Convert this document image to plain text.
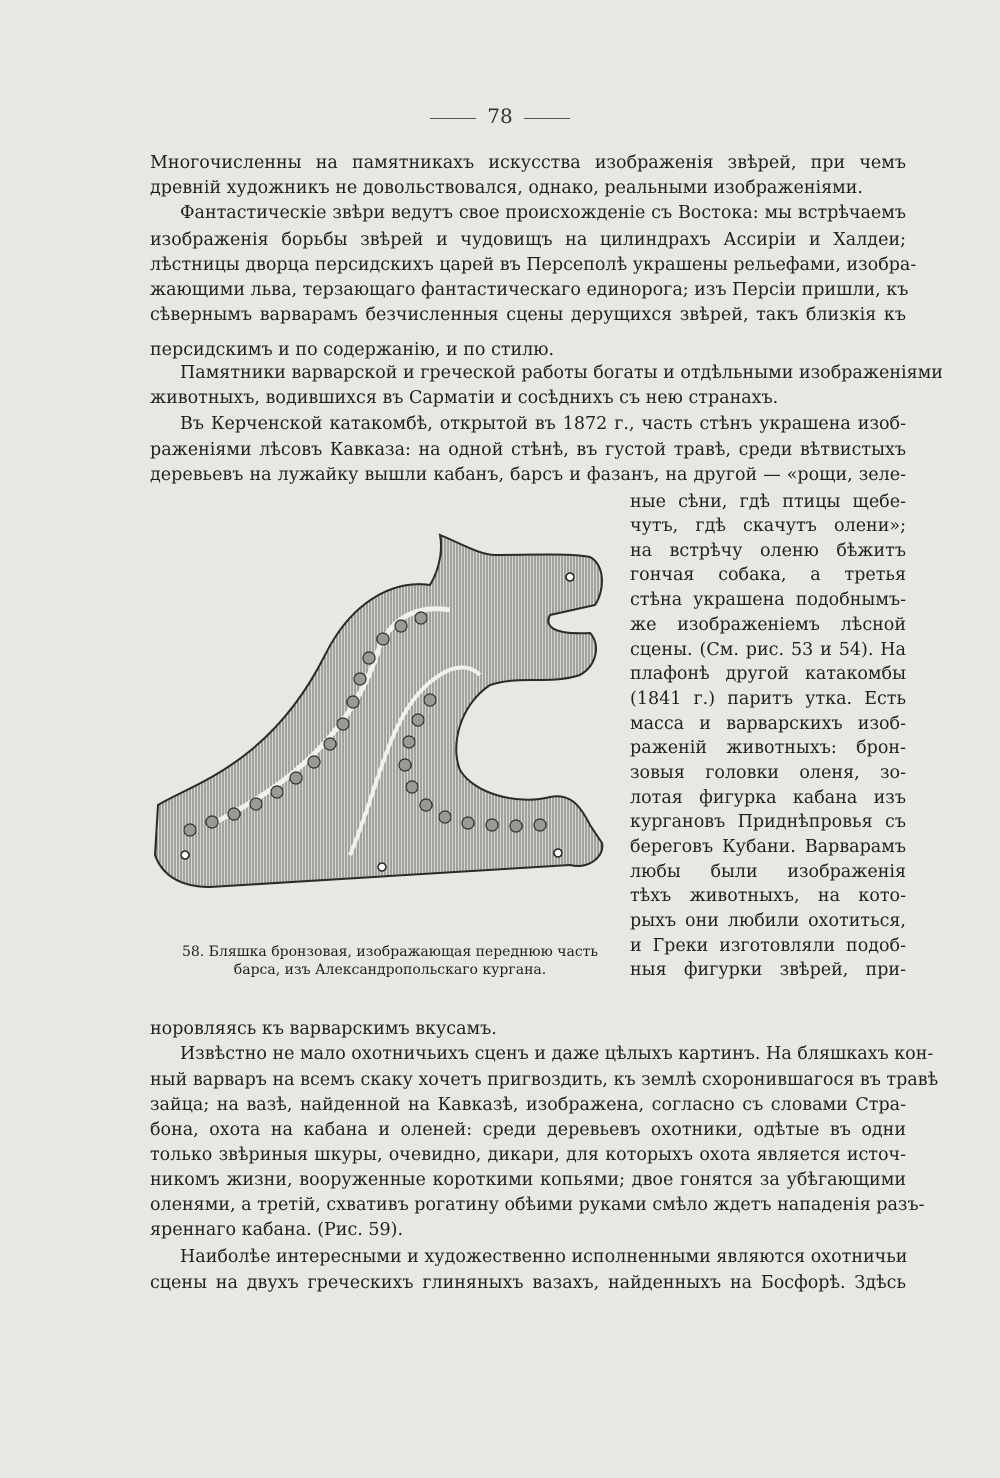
78
Многочисленны на памятникахъ искусства изображенія звѣрей, при чемъ
древній художникъ не довольствовался, однако, реальными изображеніями.
Фантастическіе звѣри ведутъ свое происхожденіе съ Востока: мы встрѣчаемъ
изображенія борьбы звѣрей и чудовищъ на цилиндрахъ Ассиріи и Халдеи;
лѣстницы дворца персидскихъ царей въ Персеполѣ украшены рельефами, изобра-
жающими льва, терзающаго фантастическаго единорога; изъ Персіи пришли, къ
сѣвернымъ варварамъ безчисленныя сцены дерущихся звѣрей, такъ близкія къ
персидскимъ и по содержанію, и по стилю.
Памятники варварской и греческой работы богаты и отдѣльными изображеніями
животныхъ, водившихся въ Сарматіи и сосѣднихъ съ нею странахъ.
Въ Керченской катакомбѣ, открытой въ 1872 г., часть стѣнъ украшена изоб-
раженіями лѣсовъ Кавказа: на одной стѣнѣ, въ густой травѣ, среди вѣтвистыхъ
деревьевъ на лужайку вышли кабанъ, барсъ и фазанъ, на другой — «рощи, зеле-
ные сѣни, гдѣ птицы щебе-
чутъ, гдѣ скачутъ олени»;
на встрѣчу оленю бѣжитъ
гончая собака, а третья
стѣна украшена подобнымъ-
же изображеніемъ лѣсной
сцены. (См. рис. 53 и 54). На
плафонѣ другой катакомбы
(1841 г.) паритъ утка. Есть
масса и варварскихъ изоб-
раженій животныхъ: брон-
зовыя головки оленя, зо-
лотая фигурка кабана изъ
кургановъ Приднѣпровья съ
береговъ Кубани. Варварамъ
любы были изображенія
тѣхъ животныхъ, на кото-
рыхъ они любили охотиться,
и Греки изготовляли подоб-
ныя фигурки звѣрей, при-
58. Бляшка бронзовая, изображающая переднюю часть
барса, изъ Александропольскаго кургана.
норовляясь къ варварскимъ вкусамъ.
Извѣстно не мало охотничьихъ сценъ и даже цѣлыхъ картинъ. На бляшкахъ кон-
ный варваръ на всемъ скаку хочетъ пригвоздить, къ землѣ схоронившагося въ травѣ
зайца; на вазѣ, найденной на Кавказѣ, изображена, согласно съ словами Стра-
бона, охота на кабана и оленей: среди деревьевъ охотники, одѣтые въ одни
только звѣриныя шкуры, очевидно, дикари, для которыхъ охота является источ-
никомъ жизни, вооруженные короткими копьями; двое гонятся за убѣгающими
оленями, а третій, схвативъ рогатину обѣими руками смѣло ждетъ нападенія разъ-
яреннаго кабана. (Рис. 59).
Наиболѣе интересными и художественно исполненными являются охотничьи
сцены на двухъ греческихъ глиняныхъ вазахъ, найденныхъ на Босфорѣ. Здѣсь
